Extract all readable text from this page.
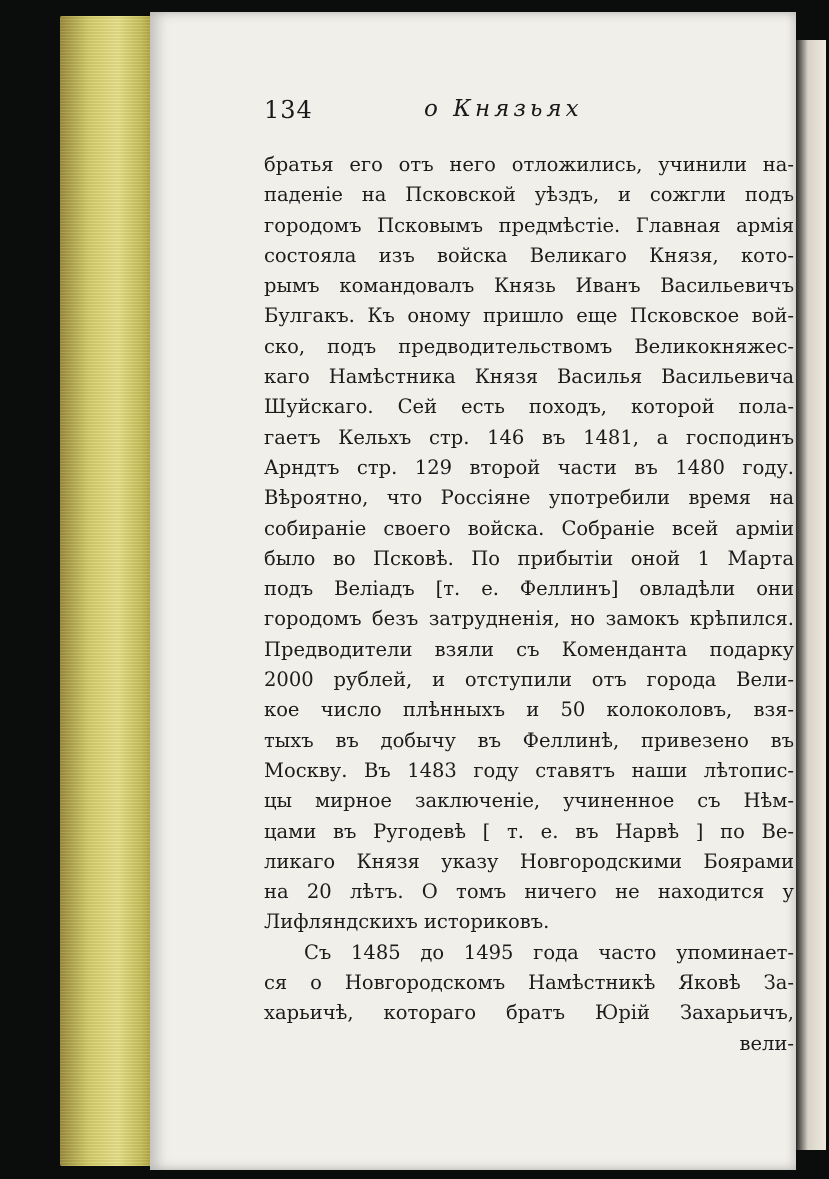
134	о Князьях
братья его отъ него отложились, учинили на-
паденіе на Псковской уѣздъ, и сожгли подъ
городомъ Псковымъ предмѣстіе. Главная армія
состояла изъ войска Великаго Князя, кото-
рымъ командовалъ Князь Иванъ Васильевичъ
Булгакъ. Къ оному пришло еще Псковское вой-
ско, подъ предводительствомъ Великокняжес-
каго Намѣстника Князя Василья Васильевича
Шуйскаго. Сей есть походъ, которой пола-
гаетъ Кельхъ стр. 146 въ 1481, а господинъ
Арндтъ стр. 129 второй части въ 1480 году.
Вѣроятно, что Россіяне употребили время на
собираніе своего войска. Собраніе всей арміи
было во Псковѣ. По прибытіи оной 1 Марта
подъ Веліадъ [т. е. Феллинъ] овладѣли они
городомъ безъ затрудненія, но замокъ крѣпился.
Предводители взяли съ Коменданта подарку
2000 рублей, и отступили отъ города Вели-
кое число плѣнныхъ и 50 колоколовъ, взя-
тыхъ въ добычу въ Феллинѣ, привезено въ
Москву. Въ 1483 году ставятъ наши лѣтопис-
цы мирное заключеніе, учиненное съ Нѣм-
цами въ Ругодевѣ [ т. е. въ Нарвѣ ] по Ве-
ликаго Князя указу Новгородскими Боярами
на 20 лѣтъ. О томъ ничего не находится у
Лифляндскихъ историковъ.
Съ 1485 до 1495 года часто упоминает-
ся о Новгородскомъ Намѣстникѣ Яковѣ За-
харьичѣ, котораго братъ Юрій Захарьичъ,
вели-
